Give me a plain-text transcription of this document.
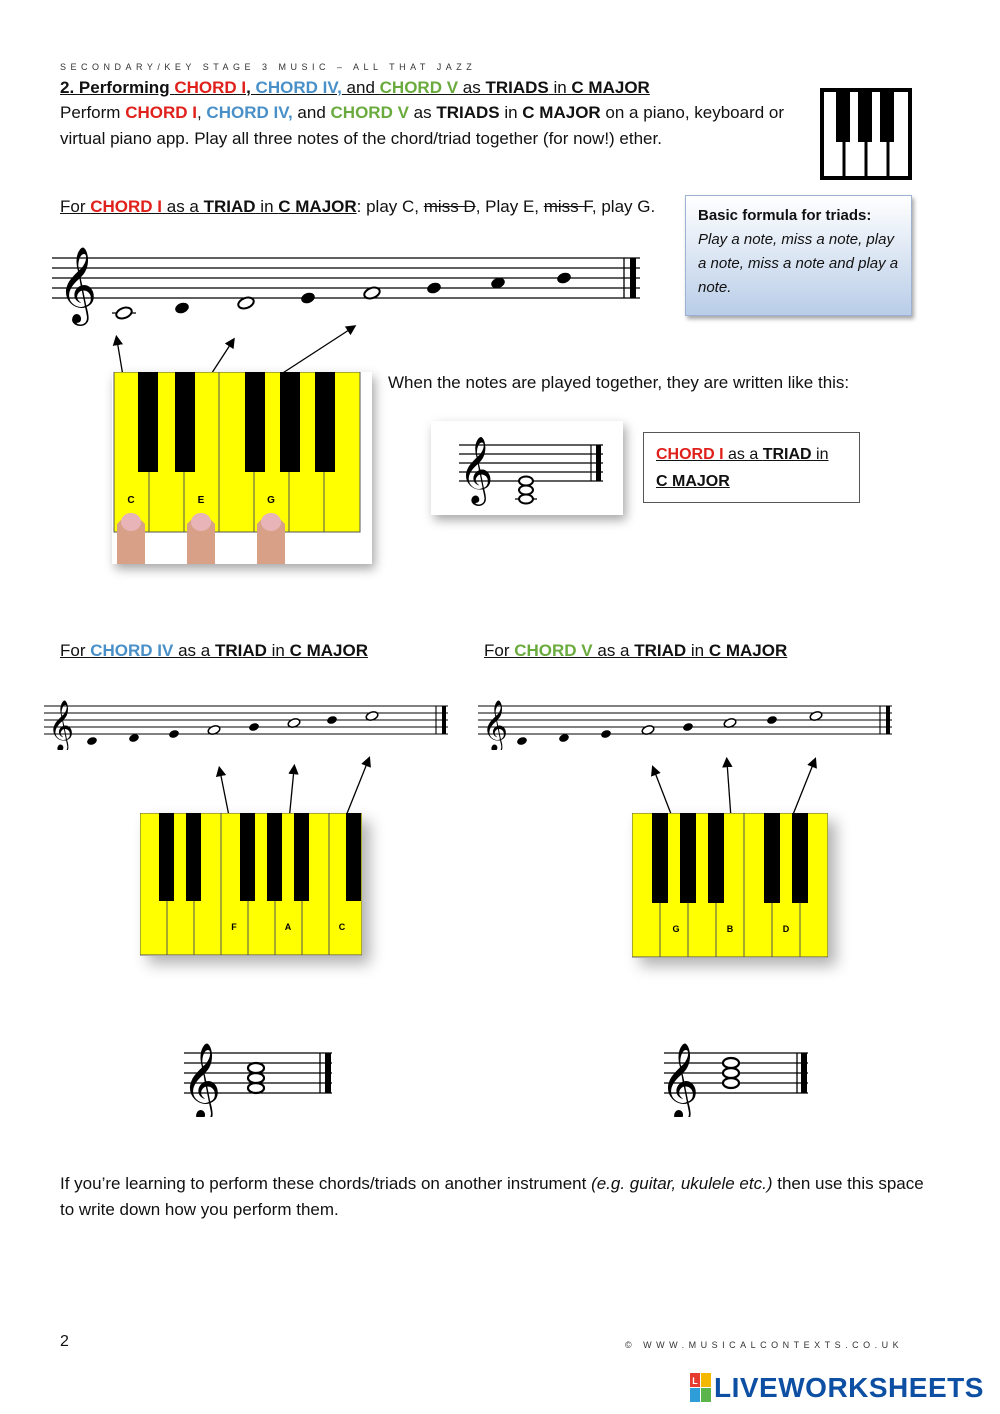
SECONDARY/KEY STAGE 3 MUSIC – ALL THAT JAZZ
2. Performing CHORD I, CHORD IV, and CHORD V as TRIADS in C MAJOR
Perform CHORD I, CHORD IV, and CHORD V as TRIADS in C MAJOR on a piano, keyboard or virtual piano app. Play all three notes of the chord/triad together (for now!) ether.
For CHORD I as a TRIAD in C MAJOR: play C, miss D, Play E, miss F, play G.	Basic formula for triads:
Play a note, miss a note, play a note, miss a note and play a note.
𝄞
C	E	G
When the notes are played together, they are written like this:
𝄞	CHORD I as a TRIAD in
C MAJOR
For CHORD IV as a TRIAD in C MAJOR	For CHORD V as a TRIAD in C MAJOR
𝄞	𝄞
F	A	C	G	B	D
𝄞	𝄞
If you’re learning to perform these chords/triads on another instrument (e.g. guitar, ukulele etc.) then use this space to write down how you perform them.
2	© WWW.MUSICALCONTEXTS.CO.UK
L LIVEWORKSHEETS
